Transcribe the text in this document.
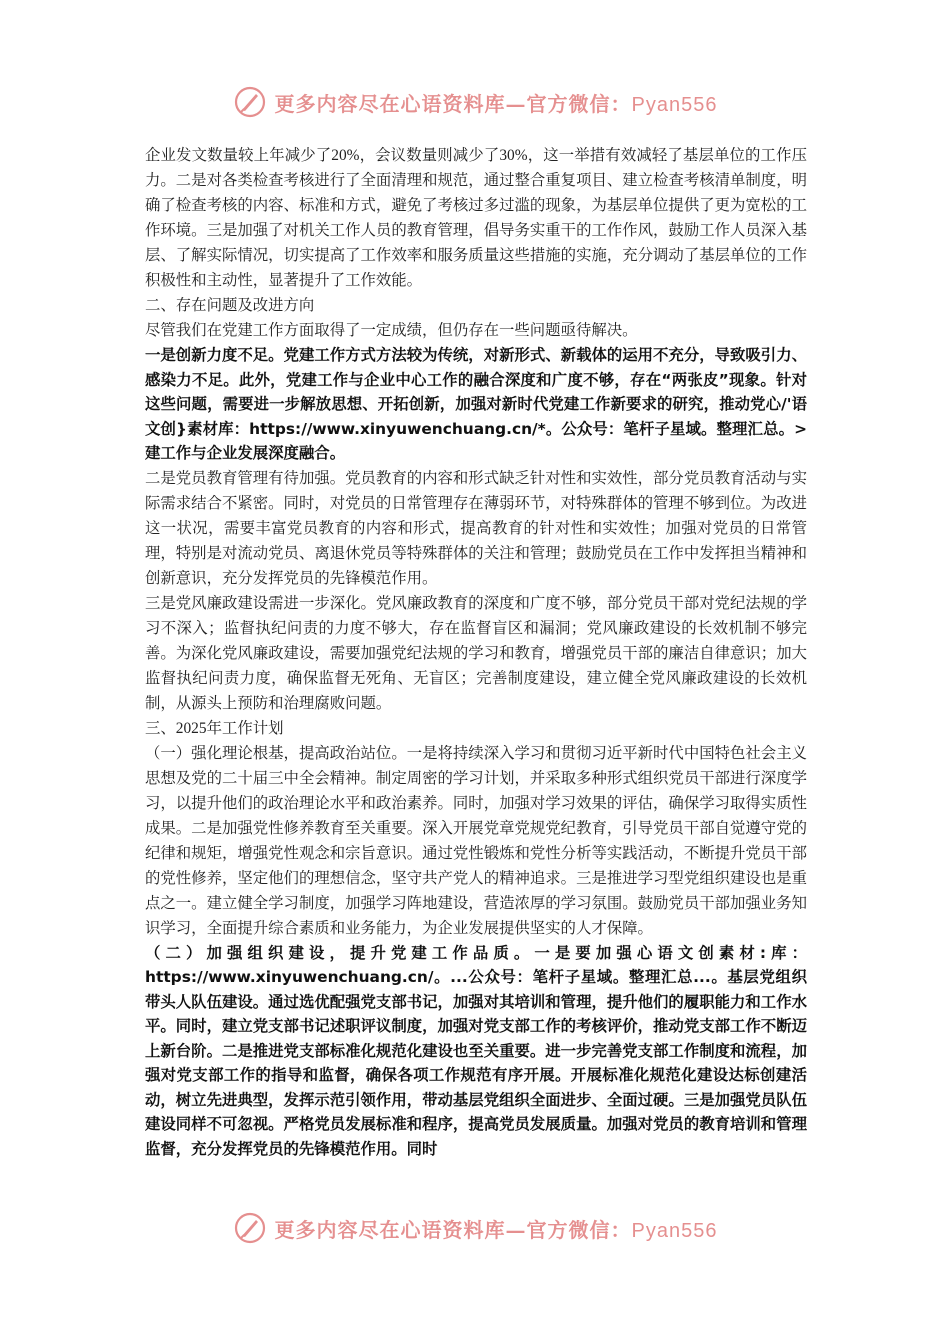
更多内容尽在心语资料库—官方微信：Pyan556

企业发文数量较上年减少了20%，会议数量则减少了30%，这一举措有效减轻了基层单位的工作压力。二是对各类检查考核进行了全面清理和规范，通过整合重复项目、建立检查考核清单制度，明确了检查考核的内容、标准和方式，避免了考核过多过滥的现象，为基层单位提供了更为宽松的工作环境。三是加强了对机关工作人员的教育管理，倡导务实重干的工作作风，鼓励工作人员深入基层、了解实际情况，切实提高了工作效率和服务质量这些措施的实施，充分调动了基层单位的工作积极性和主动性，显著提升了工作效能。

二、存在问题及改进方向

尽管我们在党建工作方面取得了一定成绩，但仍存在一些问题亟待解决。

一是创新力度不足。党建工作方式方法较为传统，对新形式、新载体的运用不充分，导致吸引力、感染力不足。此外，党建工作与企业中心工作的融合深度和广度不够，存在“两张皮”现象。针对这些问题，需要进一步解放思想、开拓创新，加强对新时代党建工作新要求的研究，推动党心/'语文创}素材库：https://www.xinyuwenchuang.cn/*。公众号：笔杆子星域。整理汇总。>建工作与企业发展深度融合。

二是党员教育管理有待加强。党员教育的内容和形式缺乏针对性和实效性，部分党员教育活动与实际需求结合不紧密。同时，对党员的日常管理存在薄弱环节，对特殊群体的管理不够到位。为改进这一状况，需要丰富党员教育的内容和形式，提高教育的针对性和实效性；加强对党员的日常管理，特别是对流动党员、离退休党员等特殊群体的关注和管理；鼓励党员在工作中发挥担当精神和创新意识，充分发挥党员的先锋模范作用。

三是党风廉政建设需进一步深化。党风廉政教育的深度和广度不够，部分党员干部对党纪法规的学习不深入；监督执纪问责的力度不够大，存在监督盲区和漏洞；党风廉政建设的长效机制不够完善。为深化党风廉政建设，需要加强党纪法规的学习和教育，增强党员干部的廉洁自律意识；加大监督执纪问责力度，确保监督无死角、无盲区；完善制度建设，建立健全党风廉政建设的长效机制，从源头上预防和治理腐败问题。

三、2025年工作计划

（一）强化理论根基，提高政治站位。一是将持续深入学习和贯彻习近平新时代中国特色社会主义思想及党的二十届三中全会精神。制定周密的学习计划，并采取多种形式组织党员干部进行深度学习，以提升他们的政治理论水平和政治素养。同时，加强对学习效果的评估，确保学习取得实质性成果。二是加强党性修养教育至关重要。深入开展党章党规党纪教育，引导党员干部自觉遵守党的纪律和规矩，增强党性观念和宗旨意识。通过党性锻炼和党性分析等实践活动，不断提升党员干部的党性修养，坚定他们的理想信念，坚守共产党人的精神追求。三是推进学习型党组织建设也是重点之一。建立健全学习制度，加强学习阵地建设，营造浓厚的学习氛围。鼓励党员干部加强业务知识学习，全面提升综合素质和业务能力，为企业发展提供坚实的人才保障。

（二）加强组织建设，提升党建工作品质。一是要加强心语文创素材:库：https://www.xinyuwenchuang.cn/。...公众号：笔杆子星域。整理汇总...。基层党组织带头人队伍建设。通过选优配强党支部书记，加强对其培训和管理，提升他们的履职能力和工作水平。同时，建立党支部书记述职评议制度，加强对党支部工作的考核评价，推动党支部工作不断迈上新台阶。二是推进党支部标准化规范化建设也至关重要。进一步完善党支部工作制度和流程，加强对党支部工作的指导和监督，确保各项工作规范有序开展。开展标准化规范化建设达标创建活动，树立先进典型，发挥示范引领作用，带动基层党组织全面进步、全面过硬。三是加强党员队伍建设同样不可忽视。严格党员发展标准和程序，提高党员发展质量。加强对党员的教育培训和管理监督，充分发挥党员的先锋模范作用。同时

更多内容尽在心语资料库—官方微信：Pyan556
